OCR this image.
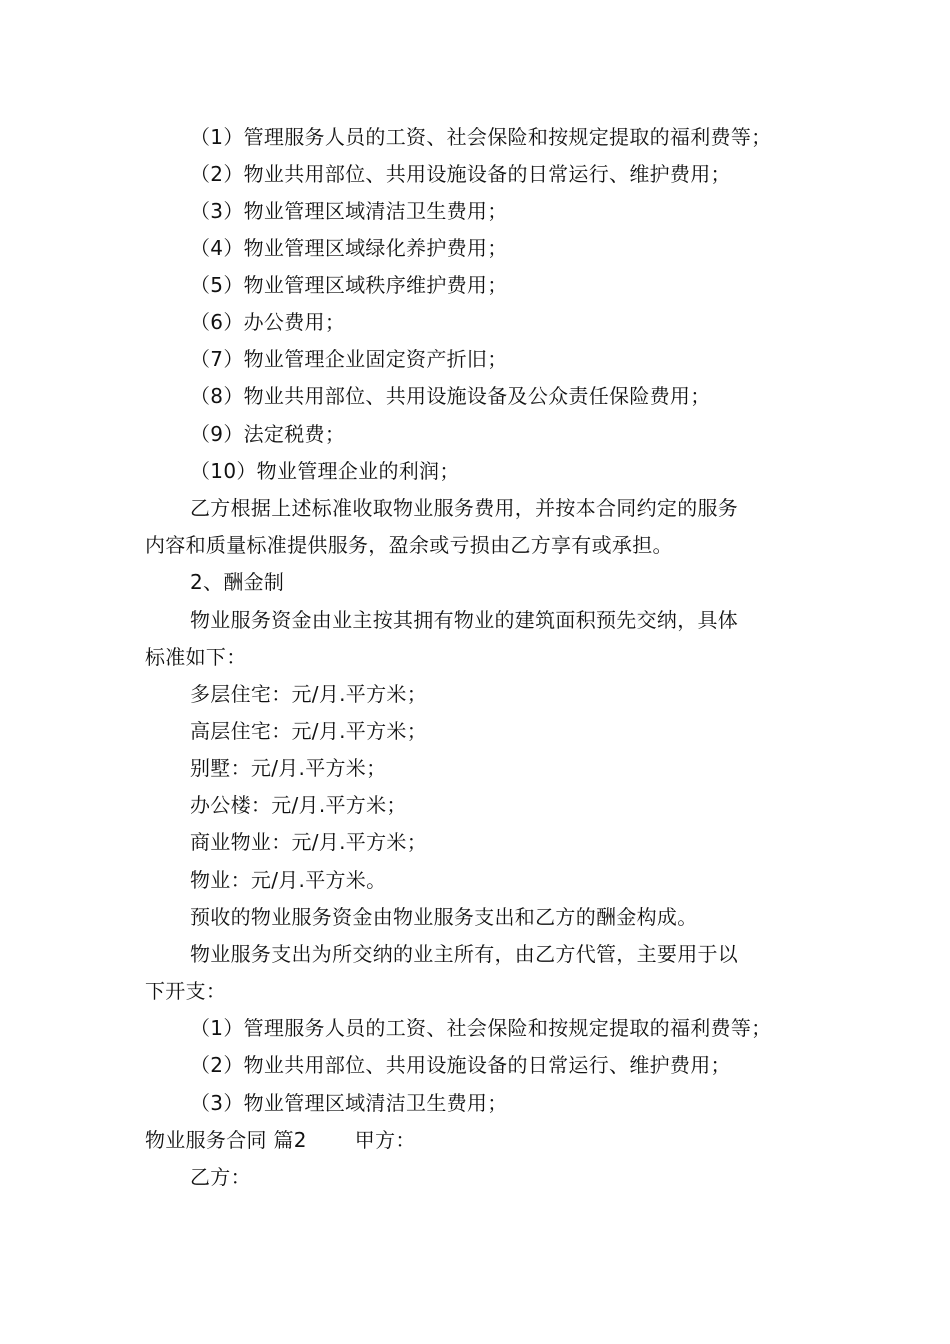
（1）管理服务人员的工资、社会保险和按规定提取的福利费等；
（2）物业共用部位、共用设施设备的日常运行、维护费用；
（3）物业管理区域清洁卫生费用；
（4）物业管理区域绿化养护费用；
（5）物业管理区域秩序维护费用；
（6）办公费用；
（7）物业管理企业固定资产折旧；
（8）物业共用部位、共用设施设备及公众责任保险费用；
（9）法定税费；
（10）物业管理企业的利润；
乙方根据上述标准收取物业服务费用，并按本合同约定的服务
内容和质量标准提供服务，盈余或亏损由乙方享有或承担。
2、酬金制
物业服务资金由业主按其拥有物业的建筑面积预先交纳，具体
标准如下：
多层住宅：元/月.平方米；
高层住宅：元/月.平方米；
别墅：元/月.平方米；
办公楼：元/月.平方米；
商业物业：元/月.平方米；
物业：元/月.平方米。
预收的物业服务资金由物业服务支出和乙方的酬金构成。
物业服务支出为所交纳的业主所有，由乙方代管，主要用于以
下开支：
（1）管理服务人员的工资、社会保险和按规定提取的福利费等；
（2）物业共用部位、共用设施设备的日常运行、维护费用；
（3）物业管理区域清洁卫生费用；
物业服务合同 篇2 甲方：
乙方：
